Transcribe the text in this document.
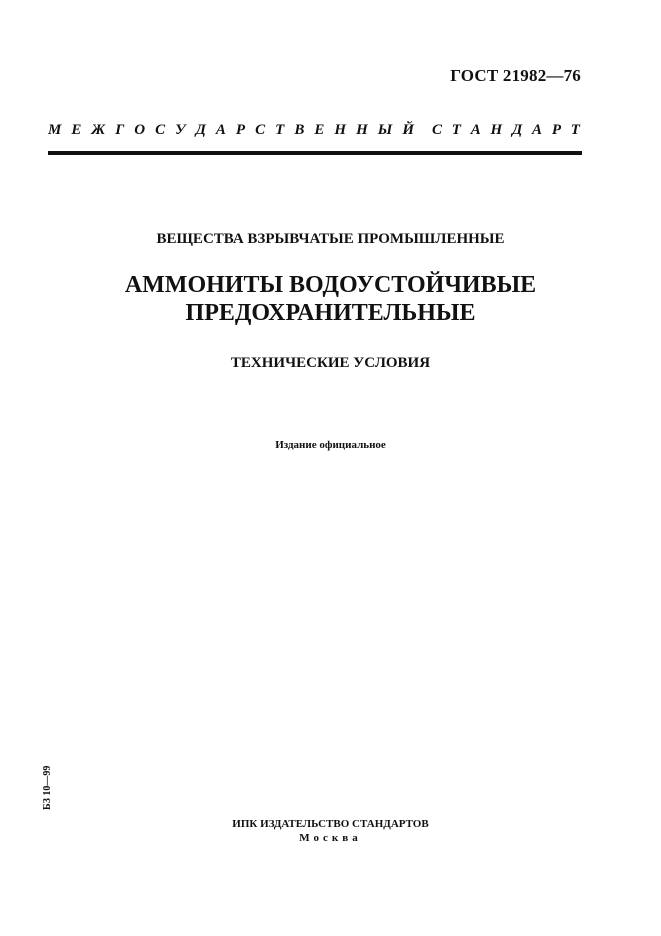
ГОСТ 21982—76
М Е Ж Г О С У Д А Р С Т В Е Н Н Ы Й С Т А Н Д А Р Т
ВЕЩЕСТВА ВЗРЫВЧАТЫЕ ПРОМЫШЛЕННЫЕ
АММОНИТЫ ВОДОУСТОЙЧИВЫЕ
ПРЕДОХРАНИТЕЛЬНЫЕ
ТЕХНИЧЕСКИЕ УСЛОВИЯ
Издание официальное
БЗ 10—99
ИПК ИЗДАТЕЛЬСТВО СТАНДАРТОВ
Москва
